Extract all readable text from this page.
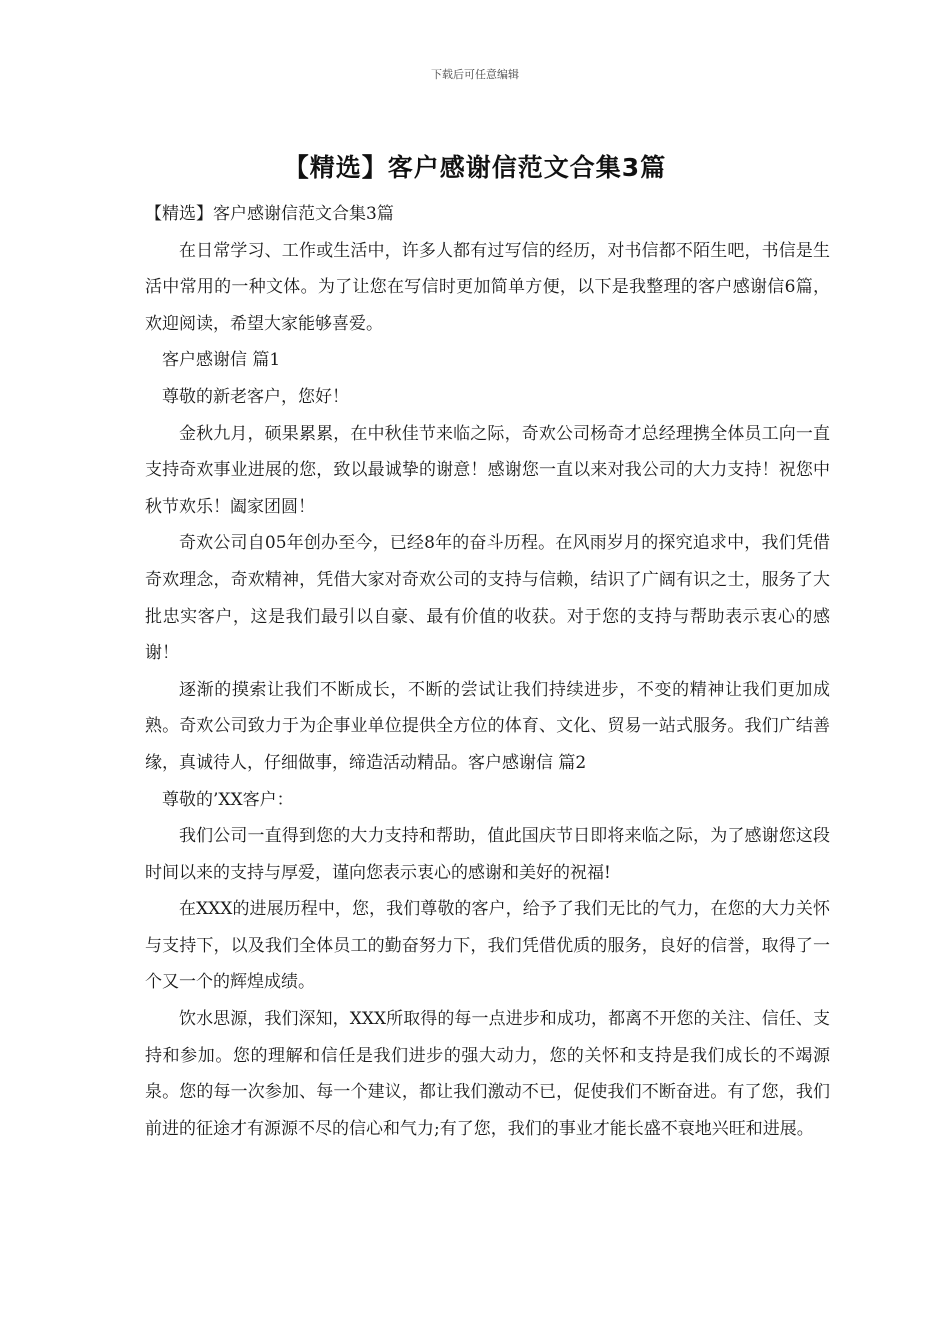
下载后可任意编辑
【精选】客户感谢信范文合集3篇

【精选】客户感谢信范文合集3篇

在日常学习、工作或生活中，许多人都有过写信的经历，对书信都不陌生吧，书信是生活中常用的一种文体。为了让您在写信时更加简单方便，以下是我整理的客户感谢信6篇，欢迎阅读，希望大家能够喜爱。

客户感谢信 篇1

尊敬的新老客户，您好！

金秋九月，硕果累累，在中秋佳节来临之际，奇欢公司杨奇才总经理携全体员工向一直支持奇欢事业进展的您，致以最诚挚的谢意！感谢您一直以来对我公司的大力支持！祝您中秋节欢乐！阖家团圆！

奇欢公司自05年创办至今，已经8年的奋斗历程。在风雨岁月的探究追求中，我们凭借奇欢理念，奇欢精神，凭借大家对奇欢公司的支持与信赖，结识了广阔有识之士，服务了大批忠实客户，这是我们最引以自豪、最有价值的收获。对于您的支持与帮助表示衷心的感谢！

逐渐的摸索让我们不断成长，不断的尝试让我们持续进步，不变的精神让我们更加成熟。奇欢公司致力于为企事业单位提供全方位的体育、文化、贸易一站式服务。我们广结善缘，真诚待人，仔细做事，缔造活动精品。客户感谢信 篇2

尊敬的’XX客户：

我们公司一直得到您的大力支持和帮助，值此国庆节日即将来临之际，为了感谢您这段时间以来的支持与厚爱，谨向您表示衷心的感谢和美好的祝福!

在XXX的进展历程中，您，我们尊敬的客户，给予了我们无比的气力，在您的大力关怀与支持下，以及我们全体员工的勤奋努力下，我们凭借优质的服务，良好的信誉，取得了一个又一个的辉煌成绩。

饮水思源，我们深知，XXX所取得的每一点进步和成功，都离不开您的关注、信任、支持和参加。您的理解和信任是我们进步的强大动力，您的关怀和支持是我们成长的不竭源泉。您的每一次参加、每一个建议，都让我们激动不已，促使我们不断奋进。有了您，我们前进的征途才有源源不尽的信心和气力;有了您，我们的事业才能长盛不衰地兴旺和进展。
